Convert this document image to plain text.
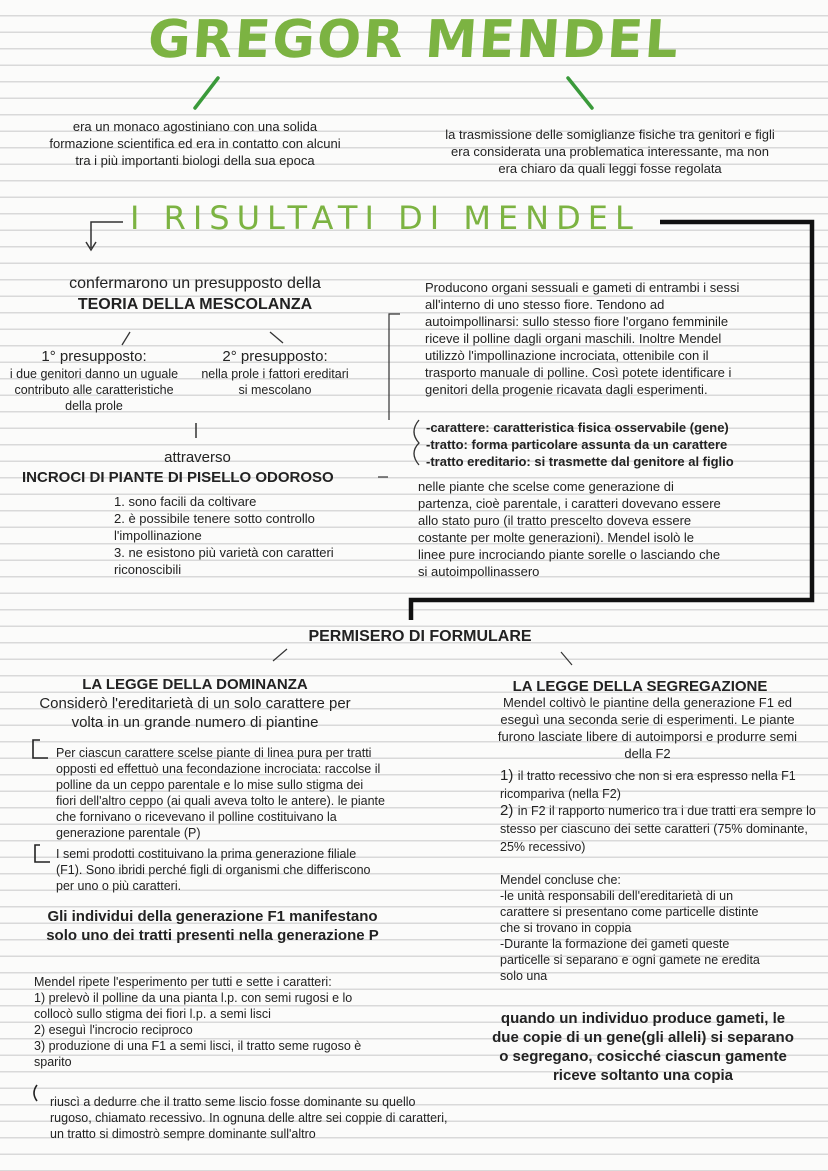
GREGOR MENDEL
era un monaco agostiniano con una solida formazione scientifica ed era in contatto con alcuni tra i più importanti biologi della sua epoca
la trasmissione delle somiglianze fisiche tra genitori e figli era considerata una problematica interessante, ma non era chiaro da quali leggi fosse regolata
I RISULTATI DI MENDEL
confermarono un presupposto della TEORIA DELLA MESCOLANZA
1° presupposto:
i due genitori danno un uguale contributo alle caratteristiche della prole
2° presupposto:
nella prole i fattori ereditari si mescolano
attraverso
INCROCI DI PIANTE DI PISELLO ODOROSO
1. sono facili da coltivare
2. è possibile tenere sotto controllo l'impollinazione
3. ne esistono più varietà con caratteri riconoscibili
Producono organi sessuali e gameti di entrambi i sessi all'interno di uno stesso fiore. Tendono ad autoimpollinarsi: sullo stesso fiore l'organo femminile riceve il polline dagli organi maschili. Inoltre Mendel utilizzò l'impollinazione incrociata, ottenibile con il trasporto manuale di polline. Così potete identificare i genitori della progenie ricavata dagli esperimenti.
-carattere: caratteristica fisica osservabile (gene)
-tratto: forma particolare assunta da un carattere
-tratto ereditario: si trasmette dal genitore al figlio
nelle piante che scelse come generazione di partenza, cioè parentale, i caratteri dovevano essere allo stato puro (il tratto prescelto doveva essere costante per molte generazioni). Mendel isolò le linee pure incrociando piante sorelle o lasciando che si autoimpollinassero
PERMISERO DI FORMULARE
LA LEGGE DELLA DOMINANZA
Considerò l'ereditarietà di un solo carattere per volta in un grande numero di piantine
Per ciascun carattere scelse piante di linea pura per tratti opposti ed effettuò una fecondazione incrociata: raccolse il polline da un ceppo parentale e lo mise sullo stigma dei fiori dell'altro ceppo (ai quali aveva tolto le antere). le piante che fornivano o ricevevano il polline costituivano la generazione parentale (P)
I semi prodotti costituivano la prima generazione filiale (F1). Sono ibridi perché figli di organismi che differiscono per uno o più caratteri.
Gli individui della generazione F1 manifestano solo uno dei tratti presenti nella generazione P
Mendel ripete l'esperimento per tutti e sette i caratteri:
1) prelevò il polline da una pianta l.p. con semi rugosi e lo collocò sullo stigma dei fiori l.p. a semi lisci
2) eseguì l'incrocio reciproco
3) produzione di una F1 a semi lisci, il tratto seme rugoso è sparito
riuscì a dedurre che il tratto seme liscio fosse dominante su quello rugoso, chiamato recessivo. In ognuna delle altre sei coppie di caratteri, un tratto si dimostrò sempre dominante sull'altro
LA LEGGE DELLA SEGREGAZIONE
Mendel coltivò le piantine della generazione F1 ed eseguì una seconda serie di esperimenti. Le piante furono lasciate libere di autoimporsi e produrre semi della F2
1) il tratto recessivo che non si era espresso nella F1 ricompariva (nella F2)
2) in F2 il rapporto numerico tra i due tratti era sempre lo stesso per ciascuno dei sette caratteri (75% dominante, 25% recessivo)
Mendel concluse che:
-le unità responsabili dell'ereditarietà di un carattere si presentano come particelle distinte che si trovano in coppia
-Durante la formazione dei gameti queste particelle si separano e ogni gamete ne eredita solo una
quando un individuo produce gameti, le due copie di un gene(gli alleli) si separano o segregano, cosicché ciascun gamente riceve soltanto una copia
